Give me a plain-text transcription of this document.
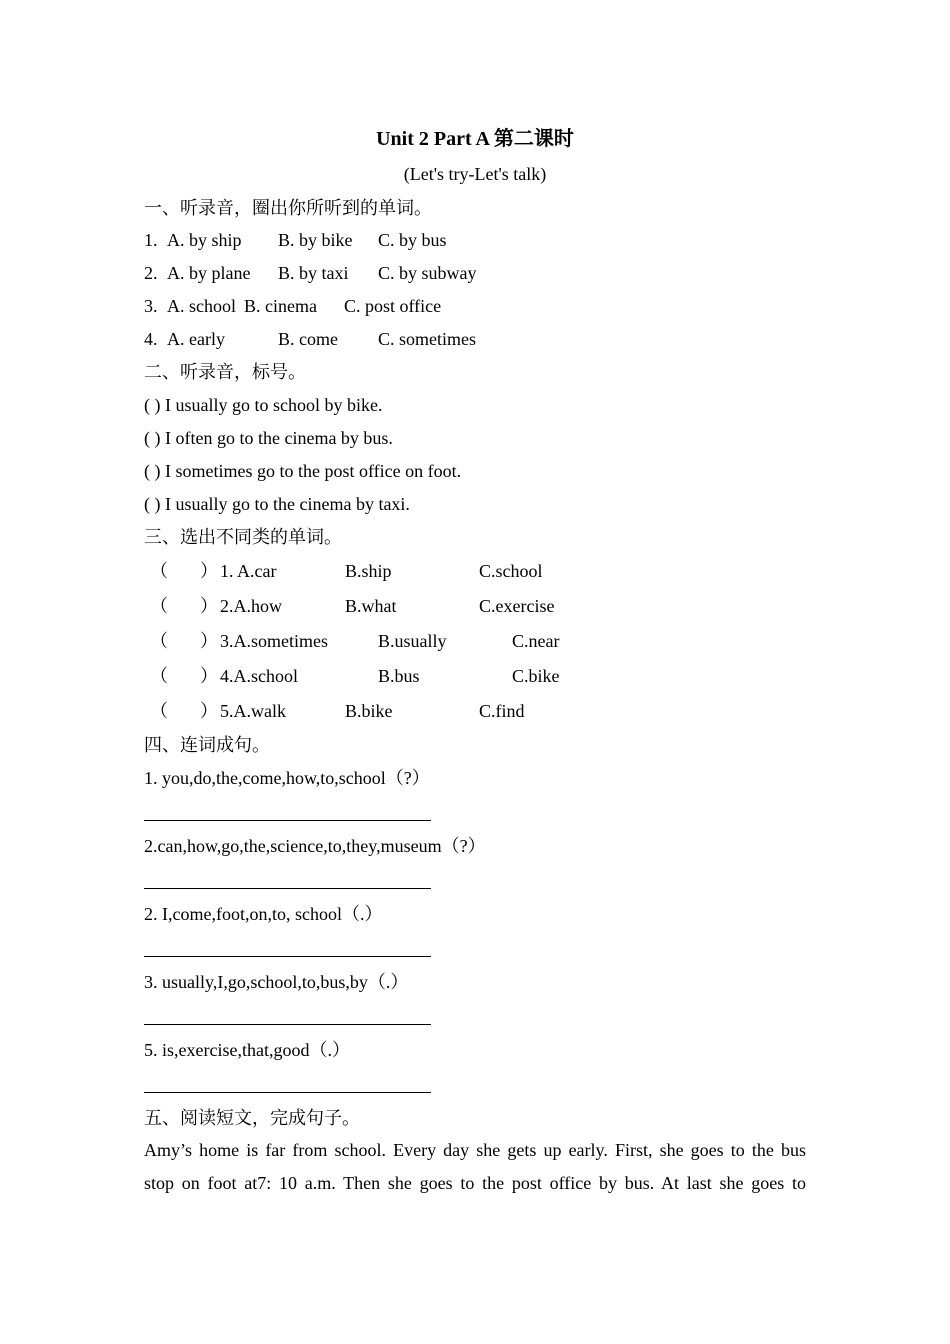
Unit 2 Part A 第二课时
(Let's try-Let's talk)
一、听录音，圈出你所听到的单词。
1. A. by ship B. by bike C. by bus
2. A. by plane B. by taxi C. by subway
3. A. school B. cinema C. post office
4. A. early	B. come C. sometimes
二、听录音，标号。
( ) I usually go to school by bike.
( ) I often go to the cinema by bus.
( ) I sometimes go to the post office on foot.
( ) I usually go to the cinema by taxi.
三、选出不同类的单词。
（ ） 1. A.car	B.ship	C.school
（ ） 2.A.how	B.what	C.exercise
（ ） 3.A.sometimes	B.usually	C.near
（ ） 4.A.school	B.bus	C.bike
（ ） 5.A.walk	B.bike	C.find
四、连词成句。
1. you,do,the,come,how,to,school（?）
2.can,how,go,the,science,to,they,museum（?）
2. I,come,foot,on,to, school（.）
3. usually,I,go,school,to,bus,by（.）
5. is,exercise,that,good（.）
五、阅读短文，完成句子。
Amy’s home is far from school. Every day she gets up early. First, she goes to the bus
stop on foot at7: 10 a.m. Then she goes to the post office by bus. At last she goes to
